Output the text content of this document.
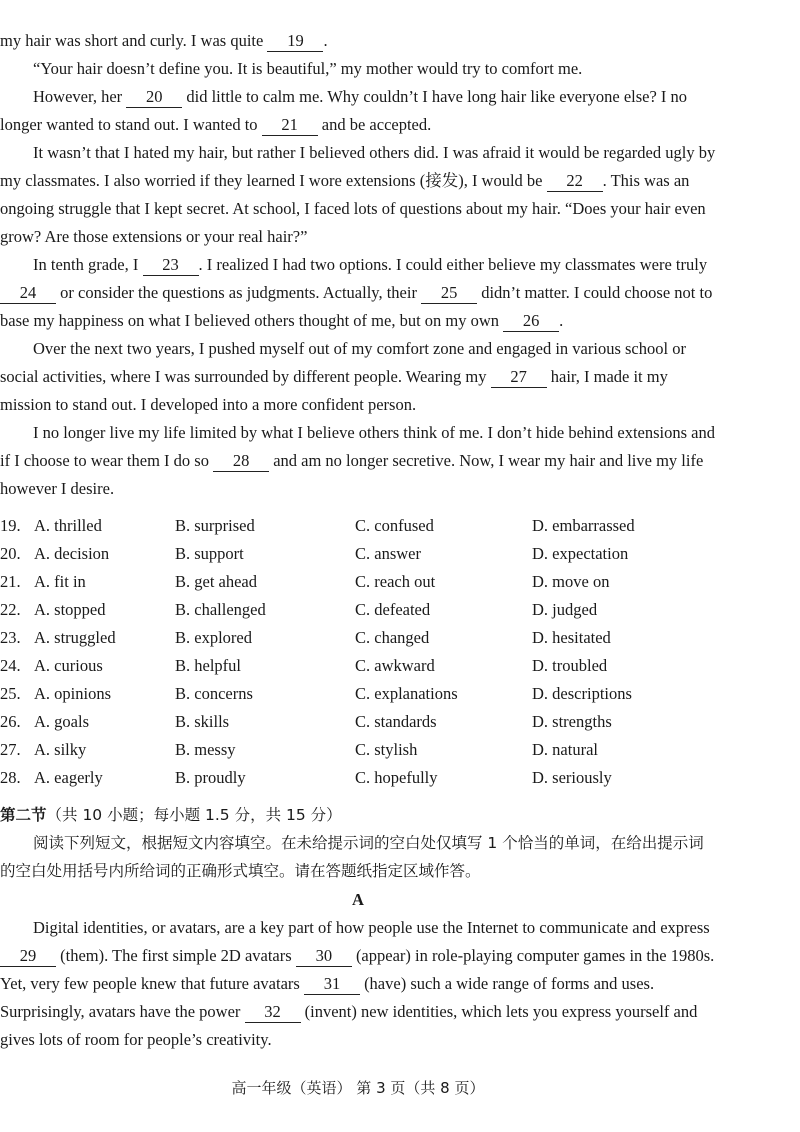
my hair was short and curly. I was quite 19 .

“Your hair doesn’t define you. It is beautiful,” my mother would try to comfort me.

However, her 20 did little to calm me. Why couldn’t I have long hair like everyone else? I no longer wanted to stand out. I wanted to 21 and be accepted.

It wasn’t that I hated my hair, but rather I believed others did. I was afraid it would be regarded ugly by my classmates. I also worried if they learned I wore extensions (接发), I would be 22 . This was an ongoing struggle that I kept secret. At school, I faced lots of questions about my hair. “Does your hair even grow? Are those extensions or your real hair?”

In tenth grade, I 23 . I realized I had two options. I could either believe my classmates were truly 24 or consider the questions as judgments. Actually, their 25 didn’t matter. I could choose not to base my happiness on what I believed others thought of me, but on my own 26 .

Over the next two years, I pushed myself out of my comfort zone and engaged in various school or social activities, where I was surrounded by different people. Wearing my 27 hair, I made it my mission to stand out. I developed into a more confident person.

I no longer live my life limited by what I believe others think of me. I don’t hide behind extensions and if I choose to wear them I do so 28 and am no longer secretive. Now, I wear my hair and live my life however I desire.

19. A. thrilled	B. surprised	C. confused	D. embarrassed
20. A. decision	B. support	C. answer	D. expectation
21. A. fit in	B. get ahead	C. reach out	D. move on
22. A. stopped	B. challenged	C. defeated	D. judged
23. A. struggled	B. explored	C. changed	D. hesitated
24. A. curious	B. helpful	C. awkward	D. troubled
25. A. opinions	B. concerns	C. explanations	D. descriptions
26. A. goals	B. skills	C. standards	D. strengths
27. A. silky	B. messy	C. stylish	D. natural
28. A. eagerly	B. proudly	C. hopefully	D. seriously
第二节（共 10 小题；每小题 1.5 分，共 15 分）

阅读下列短文，根据短文内容填空。在未给提示词的空白处仅填写 1 个恰当的单词，在给出提示词的空白处用括号内所给词的正确形式填空。请在答题纸指定区域作答。

A

Digital identities, or avatars, are a key part of how people use the Internet to communicate and express 29 (them). The first simple 2D avatars 30 (appear) in role-playing computer games in the 1980s. Yet, very few people knew that future avatars 31 (have) such a wide range of forms and uses. Surprisingly, avatars have the power 32 (invent) new identities, which lets you express yourself and gives lots of room for people’s creativity.

高一年级（英语） 第 3 页（共 8 页）
